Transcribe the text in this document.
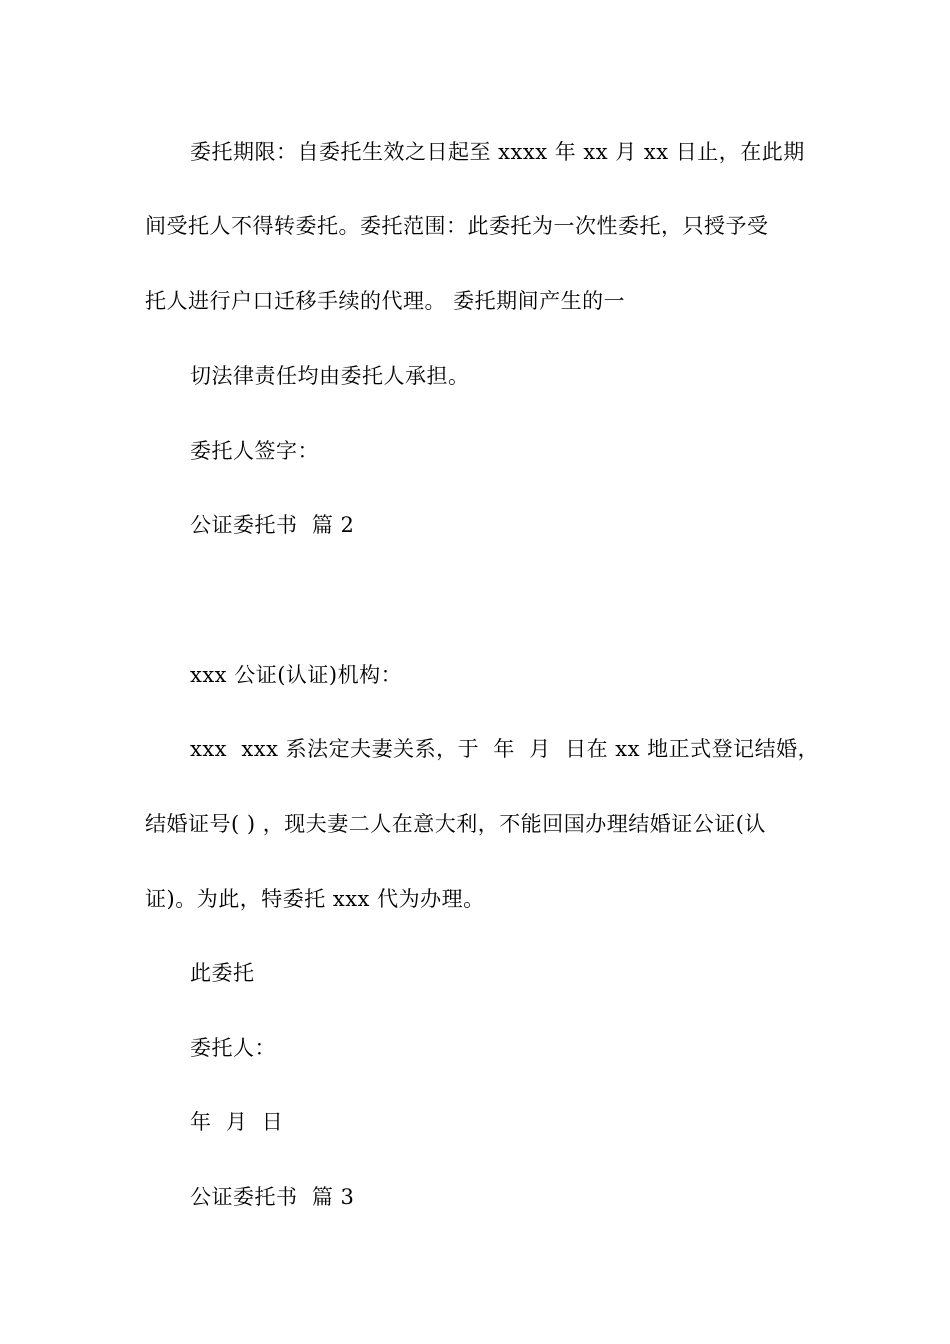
委托期限：自委托生效之日起至 xxxx 年 xx 月 xx 日止，在此期
间受托人不得转委托。委托范围：此委托为一次性委托，只授予受
托人进行户口迁移手续的代理。 委托期间产生的一
切法律责任均由委托人承担。
委托人签字：
公证委托书  篇 2
xxx 公证(认证)机构：
xxx  xxx 系法定夫妻关系，于  年  月  日在 xx 地正式登记结婚，
结婚证号( ) ，现夫妻二人在意大利，不能回国办理结婚证公证(认
证)。为此，特委托 xxx 代为办理。
此委托
委托人：
年  月  日
公证委托书  篇 3
